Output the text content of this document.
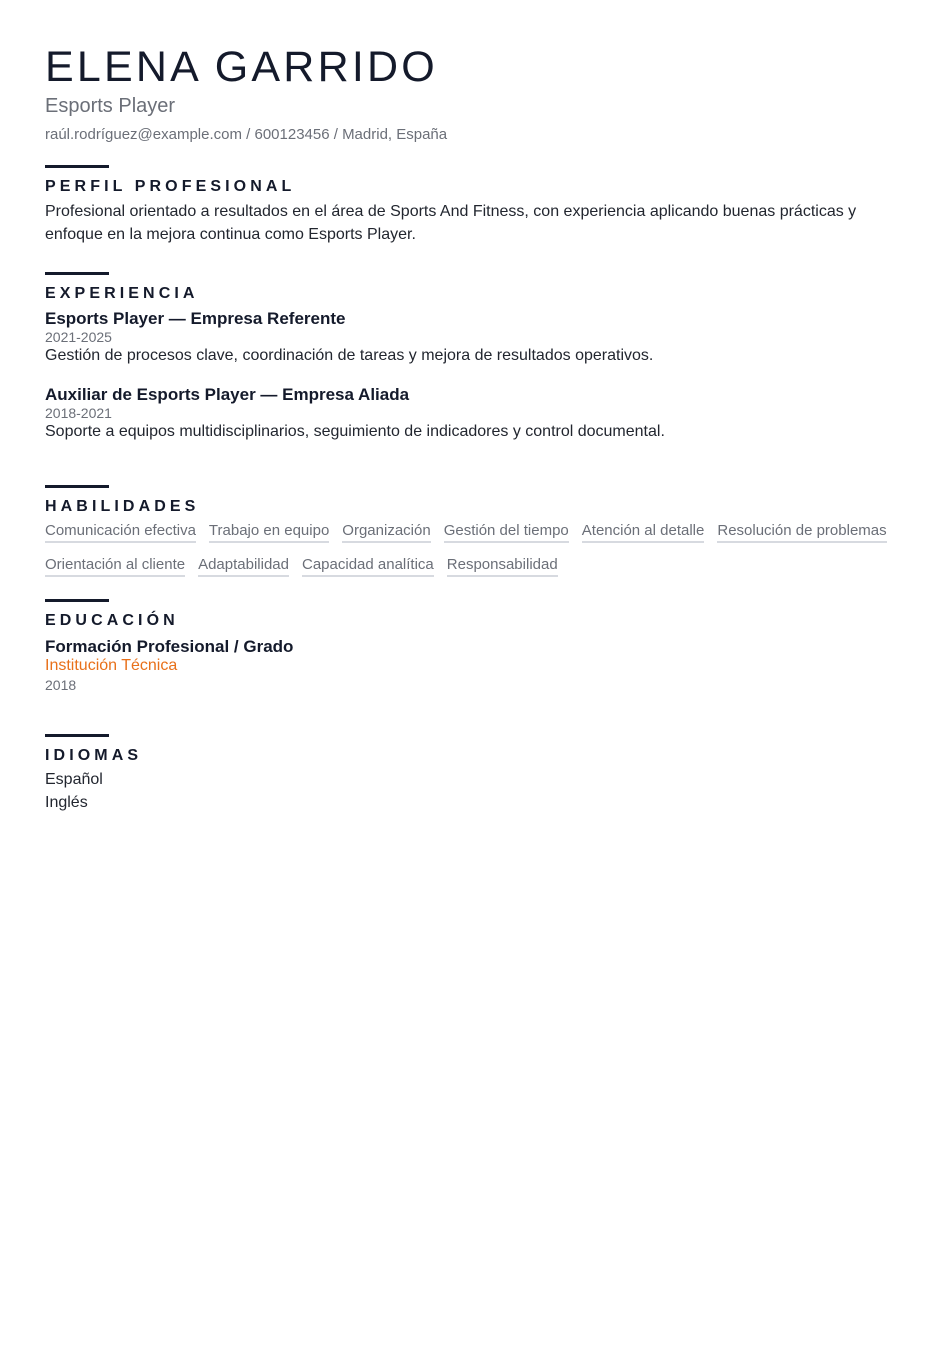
ELENA GARRIDO
Esports Player
raúl.rodríguez@example.com / 600123456 / Madrid, España
PERFIL PROFESIONAL
Profesional orientado a resultados en el área de Sports And Fitness, con experiencia aplicando buenas prácticas y enfoque en la mejora continua como Esports Player.
EXPERIENCIA
Esports Player — Empresa Referente
2021-2025
Gestión de procesos clave, coordinación de tareas y mejora de resultados operativos.
Auxiliar de Esports Player — Empresa Aliada
2018-2021
Soporte a equipos multidisciplinarios, seguimiento de indicadores y control documental.
HABILIDADES
Comunicación efectiva Trabajo en equipo Organización Gestión del tiempo Atención al detalle Resolución de problemas
Orientación al cliente Adaptabilidad Capacidad analítica Responsabilidad
EDUCACIÓN
Formación Profesional / Grado
Institución Técnica
2018
IDIOMAS
Español
Inglés
